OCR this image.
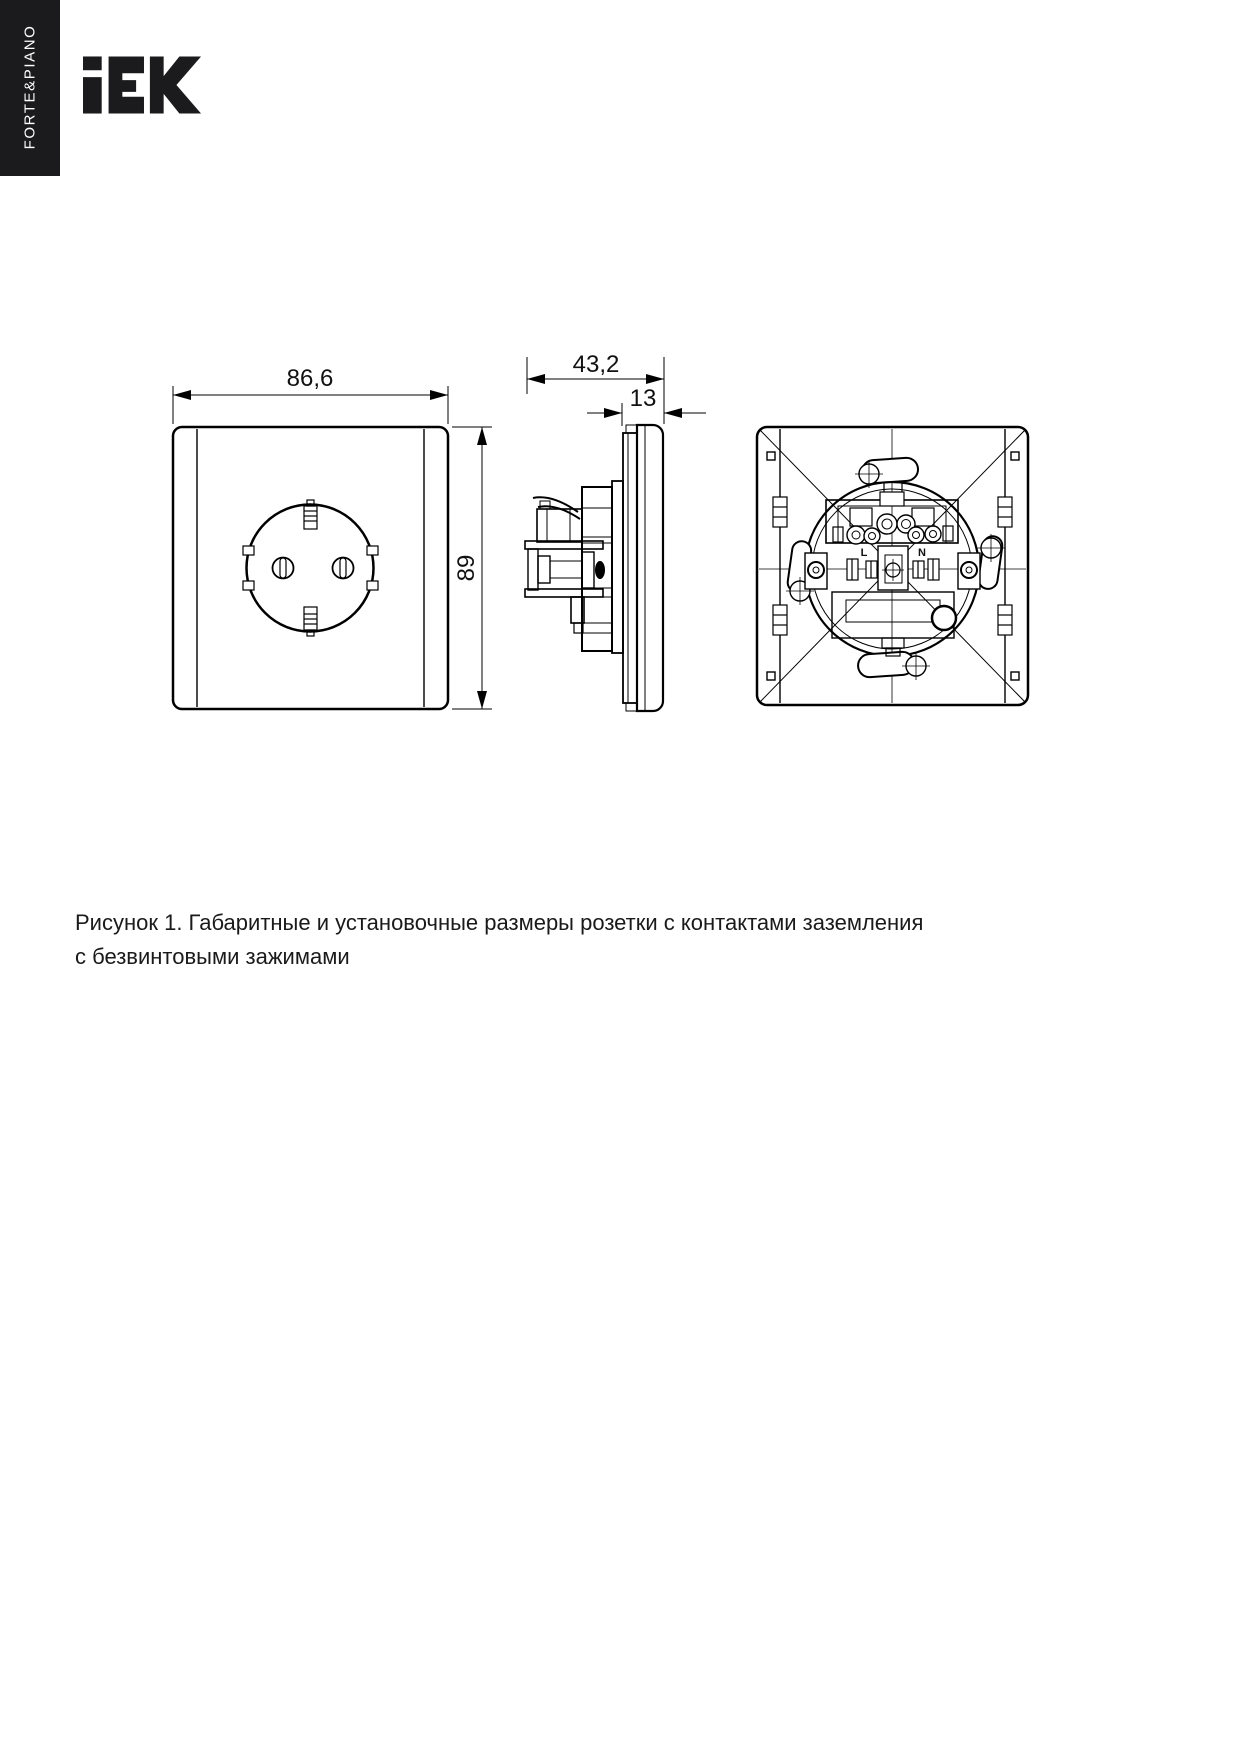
FORTE&PIANO
86,6
89
43,2
13
L	N
Рисунок 1. Габаритные и установочные размеры розетки с контактами заземления
с безвинтовыми зажимами
